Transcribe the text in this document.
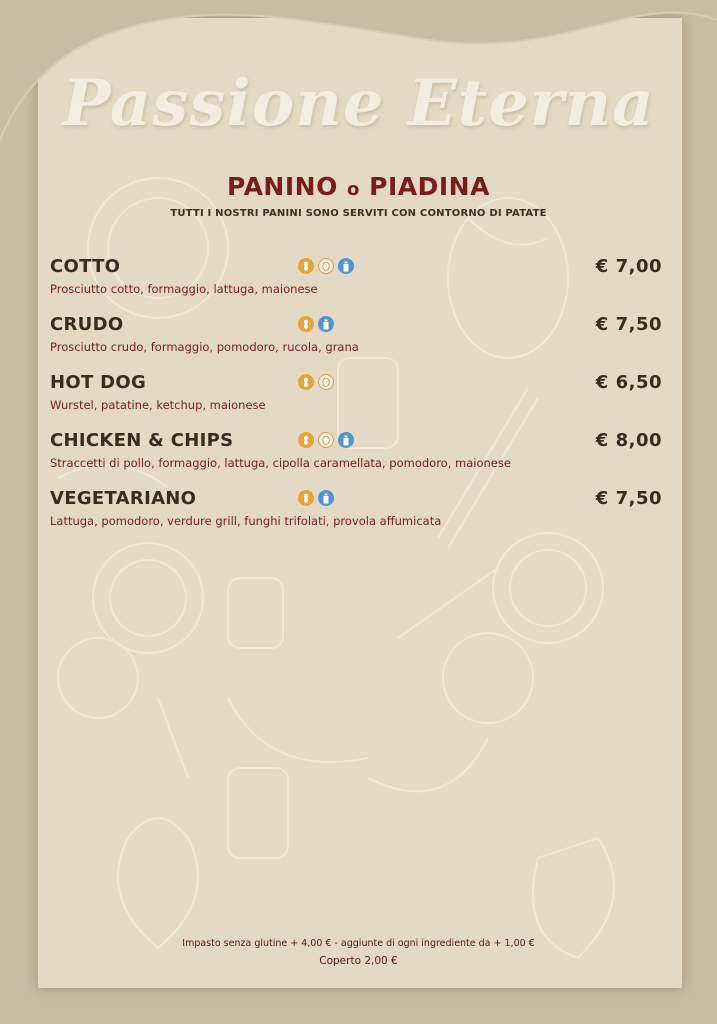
Passione Eterna
PANINO o PIADINA
TUTTI I NOSTRI PANINI SONO SERVITI CON CONTORNO DI PATATE
COTTO	€ 7,00
Prosciutto cotto, formaggio, lattuga, maionese
CRUDO	€ 7,50
Prosciutto crudo, formaggio, pomodoro, rucola, grana
HOT DOG	€ 6,50
Wurstel, patatine, ketchup, maionese
CHICKEN & CHIPS	€ 8,00
Straccetti di pollo, formaggio, lattuga, cipolla caramellata, pomodoro, maionese
VEGETARIANO	€ 7,50
Lattuga, pomodoro, verdure grill, funghi trifolati, provola affumicata
Impasto senza glutine + 4,00 € - aggiunte di ogni ingrediente da + 1,00 €
Coperto 2,00 €
